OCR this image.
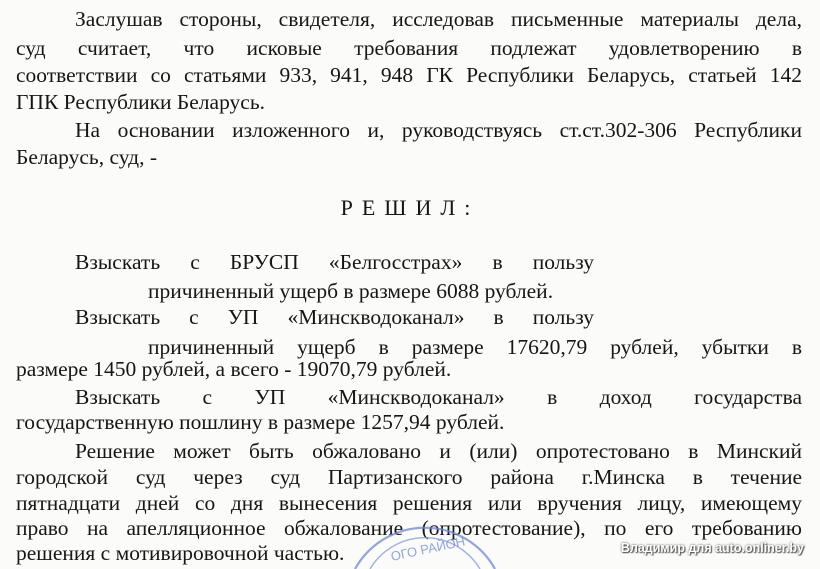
Заслушав стороны, свидетеля, исследовав письменные материалы дела,
суд считает, что исковые требования подлежат удовлетворению в
соответствии со статьями 933, 941, 948 ГК Республики Беларусь, статьей 142
ГПК Республики Беларусь.
На основании изложенного и, руководствуясь ст.ст.302-306 Республики
Беларусь, суд, -
РЕШИЛ:
Взыскать с БРУСП «Белгосстрах» в пользу
причиненный ущерб в размере 6088 рублей.
Взыскать с УП «Минскводоканал» в пользу
причиненный ущерб в размере 17620,79 рублей, убытки в
размере 1450 рублей, а всего - 19070,79 рублей.
Взыскать с УП «Минскводоканал» в доход государства
государственную пошлину в размере 1257,94 рублей.
Решение может быть обжаловано и (или) опротестовано в Минский
городской суд через суд Партизанского района г.Минска в течение
пятнадцати дней со дня вынесения решения или вручения лицу, имеющему
право на апелляционное обжалование (опротестование), по его требованию
ОГО РАЙОН
решения с мотивировочной частью.	Владимир для auto.onliner.by
